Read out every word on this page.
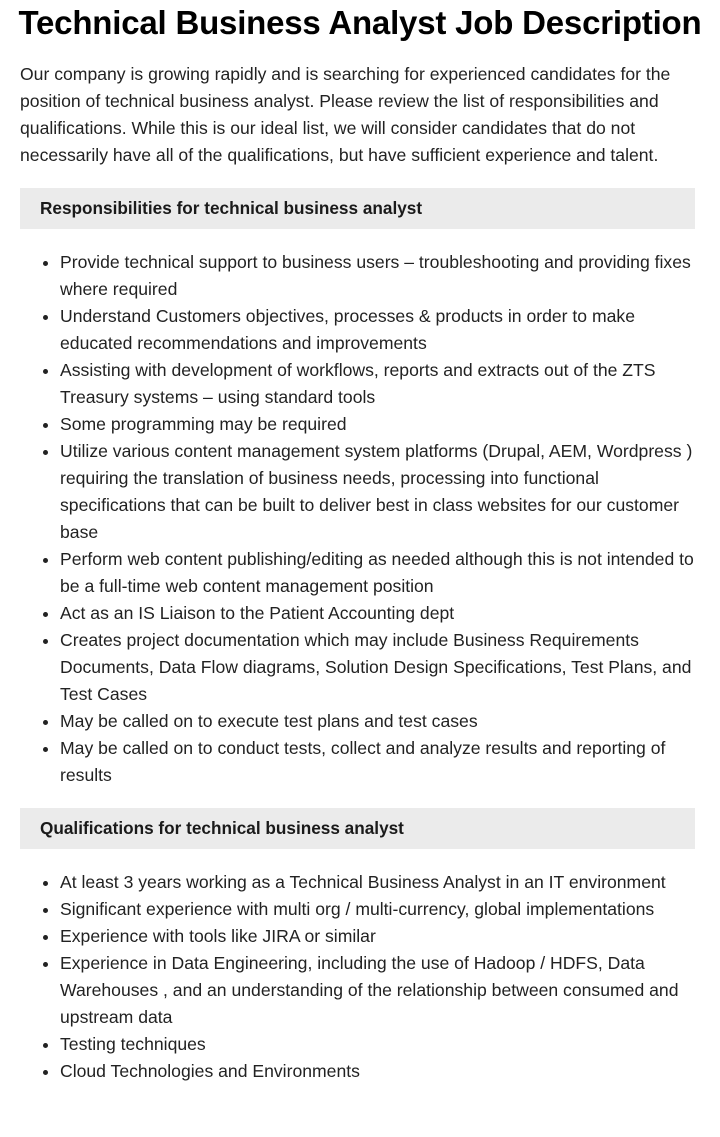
Technical Business Analyst Job Description

Our company is growing rapidly and is searching for experienced candidates for the position of technical business analyst. Please review the list of responsibilities and qualifications. While this is our ideal list, we will consider candidates that do not necessarily have all of the qualifications, but have sufficient experience and talent.

Responsibilities for technical business analyst
• Provide technical support to business users – troubleshooting and providing fixes where required
• Understand Customers objectives, processes & products in order to make educated recommendations and improvements
• Assisting with development of workflows, reports and extracts out of the ZTS Treasury systems – using standard tools
• Some programming may be required
• Utilize various content management system platforms (Drupal, AEM, Wordpress ) requiring the translation of business needs, processing into functional specifications that can be built to deliver best in class websites for our customer base
• Perform web content publishing/editing as needed although this is not intended to be a full-time web content management position
• Act as an IS Liaison to the Patient Accounting dept
• Creates project documentation which may include Business Requirements Documents, Data Flow diagrams, Solution Design Specifications, Test Plans, and Test Cases
• May be called on to execute test plans and test cases
• May be called on to conduct tests, collect and analyze results and reporting of results
Qualifications for technical business analyst
• At least 3 years working as a Technical Business Analyst in an IT environment
• Significant experience with multi org / multi-currency, global implementations
• Experience with tools like JIRA or similar
• Experience in Data Engineering, including the use of Hadoop / HDFS, Data Warehouses , and an understanding of the relationship between consumed and upstream data
• Testing techniques
• Cloud Technologies and Environments
